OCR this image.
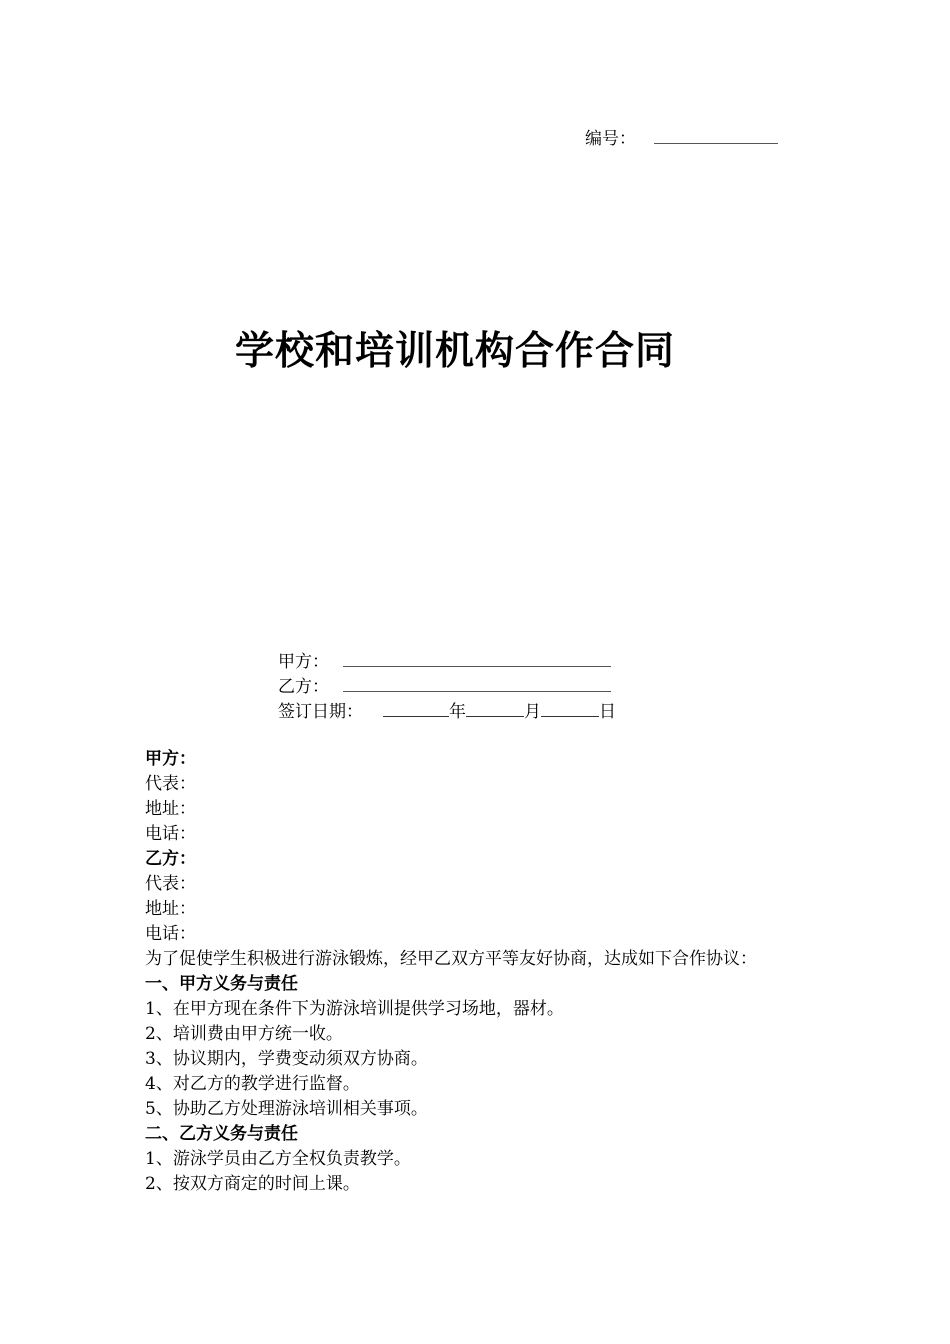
编号：
学校和培训机构合作合同
甲方：
乙方：
签订日期：	年	月	日
甲方：
代表：
地址：
电话：
乙方：
代表：
地址：
电话：
为了促使学生积极进行游泳锻炼，经甲乙双方平等友好协商，达成如下合作协议：
一、甲方义务与责任
1、在甲方现在条件下为游泳培训提供学习场地，器材。
2、培训费由甲方统一收。
3、协议期内，学费变动须双方协商。
4、对乙方的教学进行监督。
5、协助乙方处理游泳培训相关事项。
二、乙方义务与责任
1、游泳学员由乙方全权负责教学。
2、按双方商定的时间上课。
